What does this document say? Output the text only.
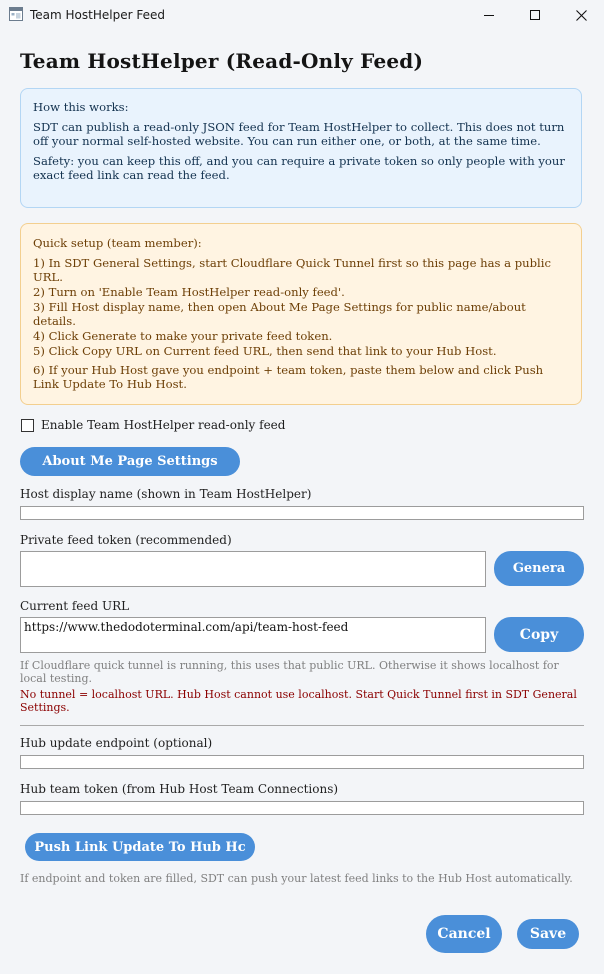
Team HostHelper Feed
Team HostHelper (Read-Only Feed)

How this works:

SDT can publish a read-only JSON feed for Team HostHelper to collect. This does not turn off your normal self-hosted website. You can run either one, or both, at the same time.

Safety: you can keep this off, and you can require a private token so only people with your exact feed link can read the feed.

Quick setup (team member):

1) In SDT General Settings, start Cloudflare Quick Tunnel first so this page has a public URL.

2) Turn on 'Enable Team HostHelper read-only feed'.

3) Fill Host display name, then open About Me Page Settings for public name/about details.

4) Click Generate to make your private feed token.

5) Click Copy URL on Current feed URL, then send that link to your Hub Host.

6) If your Hub Host gave you endpoint + team token, paste them below and click Push Link Update To Hub Host.

Enable Team HostHelper read-only feed
About Me Page Settings
Host display name (shown in Team HostHelper)
Private feed token (recommended)
Genera
Current feed URL
https://www.thedodoterminal.com/api/team-host-feed	Copy
If Cloudflare quick tunnel is running, this uses that public URL. Otherwise it shows localhost for local testing.
No tunnel = localhost URL. Hub Host cannot use localhost. Start Quick Tunnel first in SDT General Settings.
Hub update endpoint (optional)
Hub team token (from Hub Host Team Connections)
Push Link Update To Hub Hc
If endpoint and token are filled, SDT can push your latest feed links to the Hub Host automatically.
Cancel	Save
